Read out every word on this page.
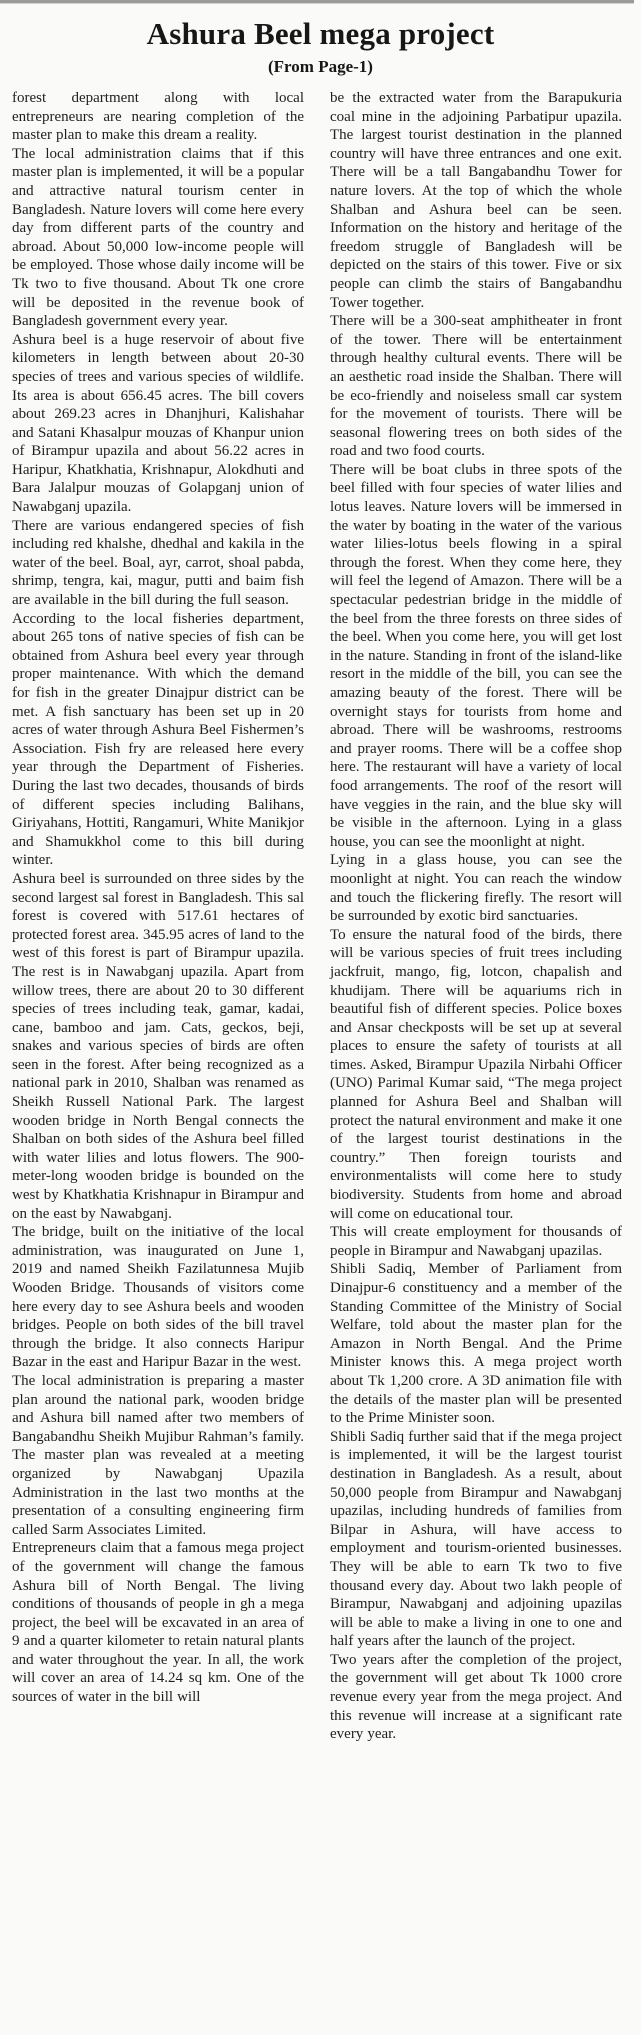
Ashura Beel mega project
(From Page-1)

forest department along with local entrepreneurs are nearing completion of the master plan to make this dream a reality.

The local administration claims that if this master plan is implemented, it will be a popular and attractive natural tourism center in Bangladesh. Nature lovers will come here every day from different parts of the country and abroad. About 50,000 low-income people will be employed. Those whose daily income will be Tk two to five thousand. About Tk one crore will be deposited in the revenue book of Bangladesh government every year.

Ashura beel is a huge reservoir of about five kilometers in length between about 20-30 species of trees and various species of wildlife. Its area is about 656.45 acres. The bill covers about 269.23 acres in Dhanjhuri, Kalishahar and Satani Khasalpur mouzas of Khanpur union of Birampur upazila and about 56.22 acres in Haripur, Khatkhatia, Krishnapur, Alokdhuti and Bara Jalalpur mouzas of Golapganj union of Nawabganj upazila.

There are various endangered species of fish including red khalshe, dhedhal and kakila in the water of the beel. Boal, ayr, carrot, shoal pabda, shrimp, tengra, kai, magur, putti and baim fish are available in the bill during the full season.

According to the local fisheries department, about 265 tons of native species of fish can be obtained from Ashura beel every year through proper maintenance. With which the demand for fish in the greater Dinajpur district can be met. A fish sanctuary has been set up in 20 acres of water through Ashura Beel Fishermen’s Association. Fish fry are released here every year through the Department of Fisheries. During the last two decades, thousands of birds of different species including Balihans, Giriyahans, Hottiti, Rangamuri, White Manikjor and Shamukkhol come to this bill during winter.

Ashura beel is surrounded on three sides by the second largest sal forest in Bangladesh. This sal forest is covered with 517.61 hectares of protected forest area. 345.95 acres of land to the west of this forest is part of Birampur upazila. The rest is in Nawabganj upazila. Apart from willow trees, there are about 20 to 30 different species of trees including teak, gamar, kadai, cane, bamboo and jam. Cats, geckos, beji, snakes and various species of birds are often seen in the forest. After being recognized as a national park in 2010, Shalban was renamed as Sheikh Russell National Park. The largest wooden bridge in North Bengal connects the Shalban on both sides of the Ashura beel filled with water lilies and lotus flowers. The 900-meter-long wooden bridge is bounded on the west by Khatkhatia Krishnapur in Birampur and on the east by Nawabganj.

The bridge, built on the initiative of the local administration, was inaugurated on June 1, 2019 and named Sheikh Fazilatunnesa Mujib Wooden Bridge. Thousands of visitors come here every day to see Ashura beels and wooden bridges. People on both sides of the bill travel through the bridge. It also connects Haripur Bazar in the east and Haripur Bazar in the west.

The local administration is preparing a master plan around the national park, wooden bridge and Ashura bill named after two members of Bangabandhu Sheikh Mujibur Rahman’s family. The master plan was revealed at a meeting organized by Nawabganj Upazila Administration in the last two months at the presentation of a consulting engineering firm called Sarm Associates Limited.

Entrepreneurs claim that a famous mega project of the government will change the famous Ashura bill of North Bengal. The living conditions of thousands of people in gh a mega project, the beel will be excavated in an area of 9 and a quarter kilometer to retain natural plants and water throughout the year. In all, the work will cover an area of 14.24 sq km. One of the sources of water in the bill will

be the extracted water from the Barapukuria coal mine in the adjoining Parbatipur upazila. The largest tourist destination in the planned country will have three entrances and one exit. There will be a tall Bangabandhu Tower for nature lovers. At the top of which the whole Shalban and Ashura beel can be seen. Information on the history and heritage of the freedom struggle of Bangladesh will be depicted on the stairs of this tower. Five or six people can climb the stairs of Bangabandhu Tower together.

There will be a 300-seat amphitheater in front of the tower. There will be entertainment through healthy cultural events. There will be an aesthetic road inside the Shalban. There will be eco-friendly and noiseless small car system for the movement of tourists. There will be seasonal flowering trees on both sides of the road and two food courts.

There will be boat clubs in three spots of the beel filled with four species of water lilies and lotus leaves. Nature lovers will be immersed in the water by boating in the water of the various water lilies-lotus beels flowing in a spiral through the forest. When they come here, they will feel the legend of Amazon. There will be a spectacular pedestrian bridge in the middle of the beel from the three forests on three sides of the beel. When you come here, you will get lost in the nature. Standing in front of the island-like resort in the middle of the bill, you can see the amazing beauty of the forest. There will be overnight stays for tourists from home and abroad. There will be washrooms, restrooms and prayer rooms. There will be a coffee shop here. The restaurant will have a variety of local food arrangements. The roof of the resort will have veggies in the rain, and the blue sky will be visible in the afternoon. Lying in a glass house, you can see the moonlight at night.

Lying in a glass house, you can see the moonlight at night. You can reach the window and touch the flickering firefly. The resort will be surrounded by exotic bird sanctuaries.

To ensure the natural food of the birds, there will be various species of fruit trees including jackfruit, mango, fig, lotcon, chapalish and khudijam. There will be aquariums rich in beautiful fish of different species. Police boxes and Ansar checkposts will be set up at several places to ensure the safety of tourists at all times. Asked, Birampur Upazila Nirbahi Officer (UNO) Parimal Kumar said, “The mega project planned for Ashura Beel and Shalban will protect the natural environment and make it one of the largest tourist destinations in the country.” Then foreign tourists and environmentalists will come here to study biodiversity. Students from home and abroad will come on educational tour.

This will create employment for thousands of people in Birampur and Nawabganj upazilas.

Shibli Sadiq, Member of Parliament from Dinajpur-6 constituency and a member of the Standing Committee of the Ministry of Social Welfare, told about the master plan for the Amazon in North Bengal. And the Prime Minister knows this. A mega project worth about Tk 1,200 crore. A 3D animation file with the details of the master plan will be presented to the Prime Minister soon.

Shibli Sadiq further said that if the mega project is implemented, it will be the largest tourist destination in Bangladesh. As a result, about 50,000 people from Birampur and Nawabganj upazilas, including hundreds of families from Bilpar in Ashura, will have access to employment and tourism-oriented businesses. They will be able to earn Tk two to five thousand every day. About two lakh people of Birampur, Nawabganj and adjoining upazilas will be able to make a living in one to one and half years after the launch of the project.

Two years after the completion of the project, the government will get about Tk 1000 crore revenue every year from the mega project. And this revenue will increase at a significant rate every year.
